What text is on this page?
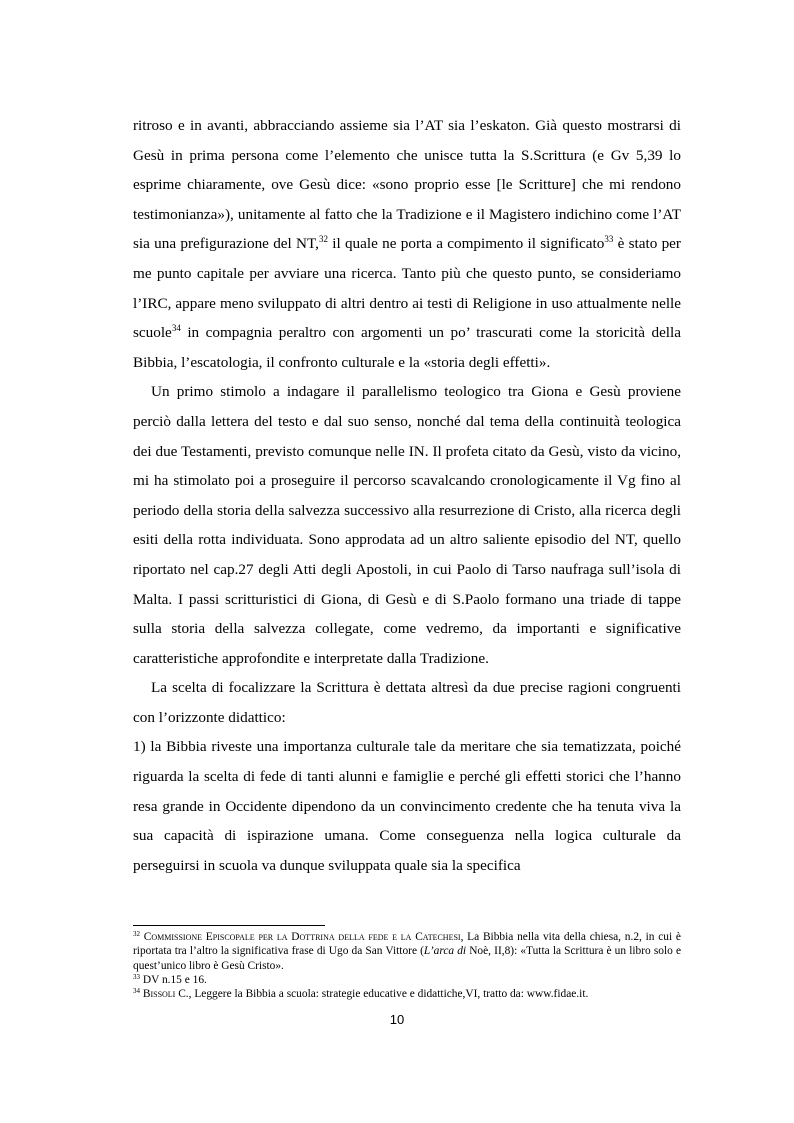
ritroso e in avanti, abbracciando assieme sia l’AT sia l’eskaton. Già questo mostrarsi di Gesù in prima persona come l’elemento che unisce tutta la S.Scrittura (e Gv 5,39 lo esprime chiaramente, ove Gesù dice: «sono proprio esse [le Scritture] che mi rendono testimonianza»), unitamente al fatto che la Tradizione e il Magistero indichino come l’AT sia una prefigurazione del NT,$^{32}$ il quale ne porta a compimento il significato$^{33}$ è stato per me punto capitale per avviare una ricerca. Tanto più che questo punto, se consideriamo l’IRC, appare meno sviluppato di altri dentro ai testi di Religione in uso attualmente nelle scuole$^{34}$ in compagnia peraltro con argomenti un po’ trascurati come la storicità della Bibbia, l’escatologia, il confronto culturale e la «storia degli effetti».

Un primo stimolo a indagare il parallelismo teologico tra Giona e Gesù proviene perciò dalla lettera del testo e dal suo senso, nonché dal tema della continuità teologica dei due Testamenti, previsto comunque nelle IN. Il profeta citato da Gesù, visto da vicino, mi ha stimolato poi a proseguire il percorso scavalcando cronologicamente il Vg fino al periodo della storia della salvezza successivo alla resurrezione di Cristo, alla ricerca degli esiti della rotta individuata. Sono approdata ad un altro saliente episodio del NT, quello riportato nel cap.27 degli Atti degli Apostoli, in cui Paolo di Tarso naufraga sull’isola di Malta. I passi scritturistici di Giona, di Gesù e di S.Paolo formano una triade di tappe sulla storia della salvezza collegate, come vedremo, da importanti e significative caratteristiche approfondite e interpretate dalla Tradizione.

La scelta di focalizzare la Scrittura è dettata altresì da due precise ragioni congruenti con l’orizzonte didattico:

1) la Bibbia riveste una importanza culturale tale da meritare che sia tematizzata, poiché riguarda la scelta di fede di tanti alunni e famiglie e perché gli effetti storici che l’hanno resa grande in Occidente dipendono da un convincimento credente che ha tenuta viva la sua capacità di ispirazione umana. Come conseguenza nella logica culturale da perseguirsi in scuola va dunque sviluppata quale sia la specifica

$^{32}$ Commissione Episcopale per la Dottrina della fede e la Catechesi, La Bibbia nella vita della chiesa, n.2, in cui è riportata tra l’altro la significativa frase di Ugo da San Vittore (L’arca di Noè, II,8): «Tutta la Scrittura è un libro solo e quest’unico libro è Gesù Cristo».

$^{33}$ DV n.15 e 16.

$^{34}$ Bissoli C., Leggere la Bibbia a scuola: strategie educative e didattiche,VI, tratto da: www.fidae.it.

10
